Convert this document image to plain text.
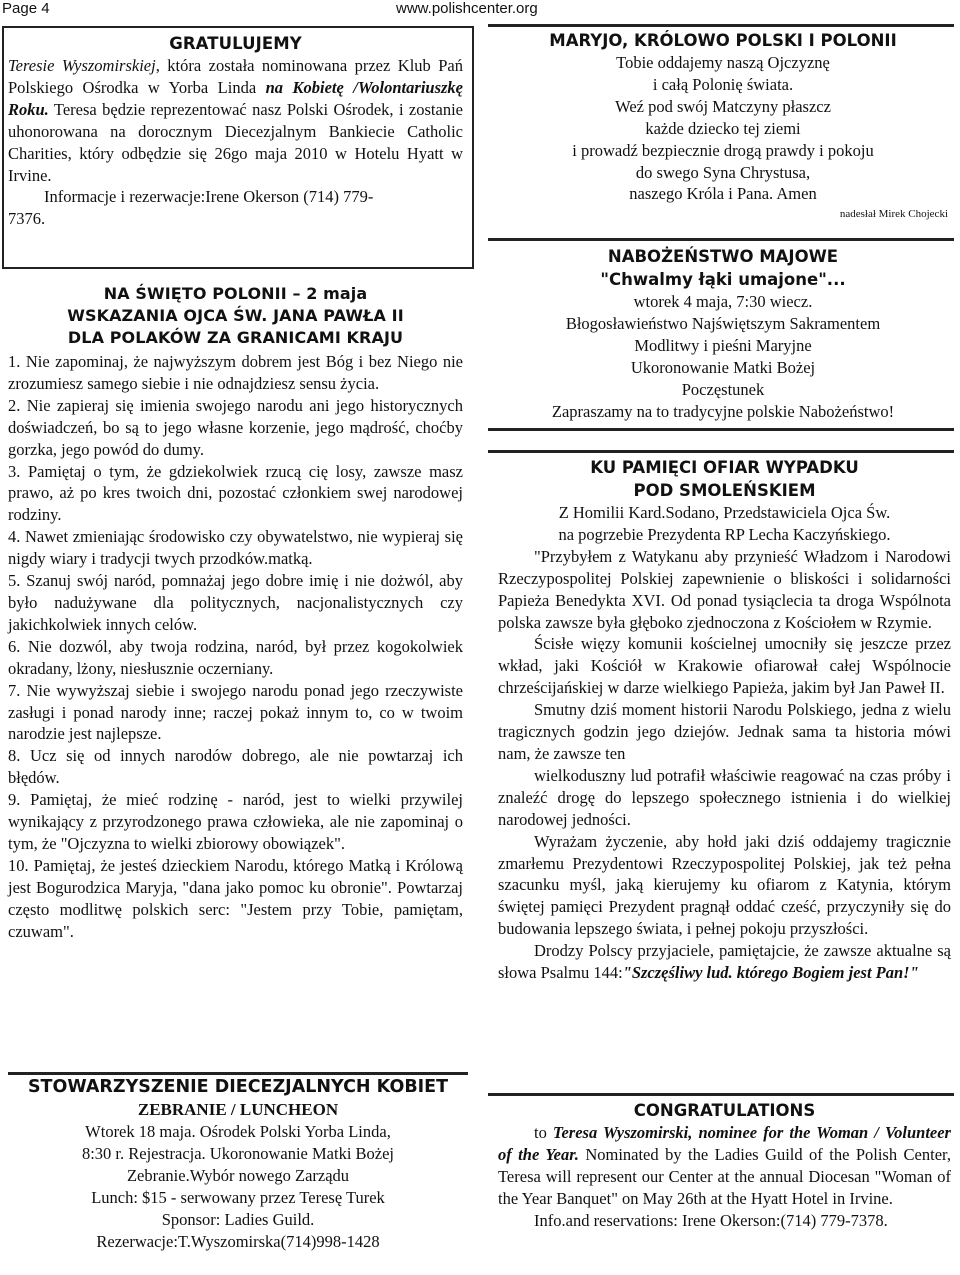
Page 4	www.polishcenter.org
GRATULUJEMY
Teresie Wyszomirskiej, która została nominowana przez Klub Pań Polskiego Ośrodka w Yorba Linda na Kobietę /Wolontariuszkę Roku. Teresa będzie reprezentować nasz Polski Ośrodek, i zostanie uhonorowana na dorocznym Diecezjalnym Bankiecie Catholic Charities, który odbędzie się 26go maja 2010 w Hotelu Hyatt w Irvine.
Informacje i rezerwacje:Irene Okerson (714) 779-
7376.
NA ŚWIĘTO POLONII – 2 maja
WSKAZANIA OJCA ŚW. JANA PAWŁA II
DLA POLAKÓW ZA GRANICAMI KRAJU
1. Nie zapominaj, że najwyższym dobrem jest Bóg i bez Niego nie zrozumiesz samego siebie i nie odnajdziesz sensu życia.
2. Nie zapieraj się imienia swojego narodu ani jego historycznych doświadczeń, bo są to jego własne korzenie, jego mądrość, choćby gorzka, jego powód do dumy.
3. Pamiętaj o tym, że gdziekolwiek rzucą cię losy, zawsze masz prawo, aż po kres twoich dni, pozostać członkiem swej narodowej rodziny.
4. Nawet zmieniając środowisko czy obywatelstwo, nie wypieraj się nigdy wiary i tradycji twych przodków.matką.
5. Szanuj swój naród, pomnażaj jego dobre imię i nie dożwól, aby było nadużywane dla politycznych, nacjonalistycznych czy jakichkolwiek innych celów.
6. Nie dozwól, aby twoja rodzina, naród, był przez kogokolwiek okradany, lżony, niesłusznie oczerniany.
7. Nie wywyższaj siebie i swojego narodu ponad jego rzeczywiste zasługi i ponad narody inne; raczej pokaż innym to, co w twoim narodzie jest najlepsze.
8. Ucz się od innych narodów dobrego, ale nie powtarzaj ich błędów.
9. Pamiętaj, że mieć rodzinę - naród, jest to wielki przywilej wynikający z przyrodzonego prawa człowieka, ale nie zapominaj o tym, że "Ojczyzna to wielki zbiorowy obowiązek".
10. Pamiętaj, że jesteś dzieckiem Narodu, którego Matką i Królową jest Bogurodzica Maryja, "dana jako pomoc ku obronie". Powtarzaj często modlitwę polskich serc: "Jestem przy Tobie, pamiętam, czuwam".
STOWARZYSZENIE DIECEZJALNYCH KOBIET
ZEBRANIE / LUNCHEON
Wtorek 18 maja. Ośrodek Polski Yorba Linda,
8:30 r. Rejestracja. Ukoronowanie Matki Bożej
Zebranie.Wybór nowego Zarządu
Lunch: $15 - serwowany przez Teresę Turek
Sponsor: Ladies Guild.
Rezerwacje:T.Wyszomirska(714)998-1428
MARYJO, KRÓLOWO POLSKI I POLONII
Tobie oddajemy naszą Ojczyznę
i całą Polonię świata.
Weź pod swój Matczyny płaszcz
każde dziecko tej ziemi
i prowadź bezpiecznie drogą prawdy i pokoju
do swego Syna Chrystusa,
naszego Króla i Pana. Amen
nadesłał Mirek Chojecki
NABOŻEŃSTWO MAJOWE
"Chwalmy łąki umajone"...
wtorek 4 maja, 7:30 wiecz.
Błogosławieństwo Najświętszym Sakramentem
Modlitwy i pieśni Maryjne
Ukoronowanie Matki Bożej
Poczęstunek
Zapraszamy na to tradycyjne polskie Nabożeństwo!
KU PAMIĘCI OFIAR WYPADKU
POD SMOLEŃSKIEM
Z Homilii Kard.Sodano, Przedstawiciela Ojca Św.
na pogrzebie Prezydenta RP Lecha Kaczyńskiego.
"Przybyłem z Watykanu aby przynieść Władzom i Narodowi Rzeczypospolitej Polskiej zapewnienie o bliskości i solidarności Papieża Benedykta XVI. Od ponad tysiąclecia ta droga Wspólnota polska zawsze była głęboko zjednoczona z Kościołem w Rzymie.
Ścisłe więzy komunii kościelnej umocniły się jeszcze przez wkład, jaki Kościół w Krakowie ofiarował całej Wspólnocie chrześcijańskiej w darze wielkiego Papieża, jakim był Jan Paweł II.
Smutny dziś moment historii Narodu Polskiego, jedna z wielu tragicznych godzin jego dziejów. Jednak sama ta historia mówi nam, że zawsze ten
wielkoduszny lud potrafił właściwie reagować na czas próby i znaleźć drogę do lepszego społecznego istnienia i do wielkiej narodowej jedności.
Wyrażam życzenie, aby hołd jaki dziś oddajemy tragicznie zmarłemu Prezydentowi Rzeczypospolitej Polskiej, jak też pełna szacunku myśl, jaką kierujemy ku ofiarom z Katynia, którym świętej pamięci Prezydent pragnął oddać cześć, przyczyniły się do budowania lepszego świata, i pełnej pokoju przyszłości.
Drodzy Polscy przyjaciele, pamiętajcie, że zawsze aktualne są słowa Psalmu 144:"Szczęśliwy lud. którego Bogiem jest Pan!"
CONGRATULATIONS
to Teresa Wyszomirski, nominee for the Woman / Volunteer of the Year. Nominated by the Ladies Guild of the Polish Center, Teresa will represent our Center at the annual Diocesan "Woman of the Year Banquet" on May 26th at the Hyatt Hotel in Irvine.
Info.and reservations: Irene Okerson:(714) 779-7378.
